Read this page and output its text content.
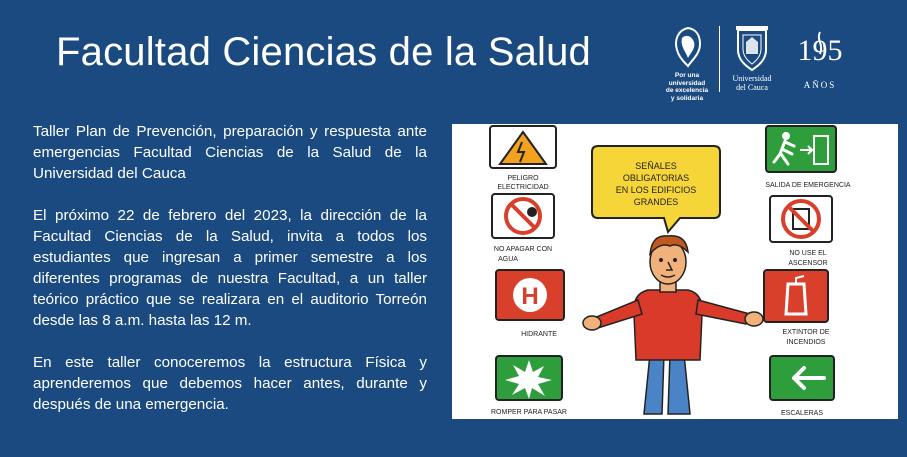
Facultad Ciencias de la Salud
Por una
universidad
de excelencia
y solidaria
Universidad
del Cauca
195
AÑOS

Taller Plan de Prevención, preparación y respuesta ante emergencias Facultad Ciencias de la Salud de la Universidad del Cauca

El próximo 22 de febrero del 2023, la dirección de la Facultad Ciencias de la Salud, invita a todos los estudiantes que ingresan a primer semestre a los diferentes programas de nuestra Facultad, a un taller teórico práctico que se realizara en el auditorio Torreón desde las 8 a.m. hasta las 12 m.

En este taller conoceremos la estructura Física y aprenderemos que debemos hacer antes, durante y después de una emergencia.

PELIGRO
ELECTRICIDAD
NO APAGAR CON
AGUA
H
HIDRANTE
ROMPER PARA PASAR
SALIDA DE EMERGENCIA
NO USE EL
ASCENSOR
EXTINTOR DE
INCENDIOS
ESCALERAS
SEÑALES
OBLIGATORIAS
EN LOS EDIFICIOS
GRANDES
